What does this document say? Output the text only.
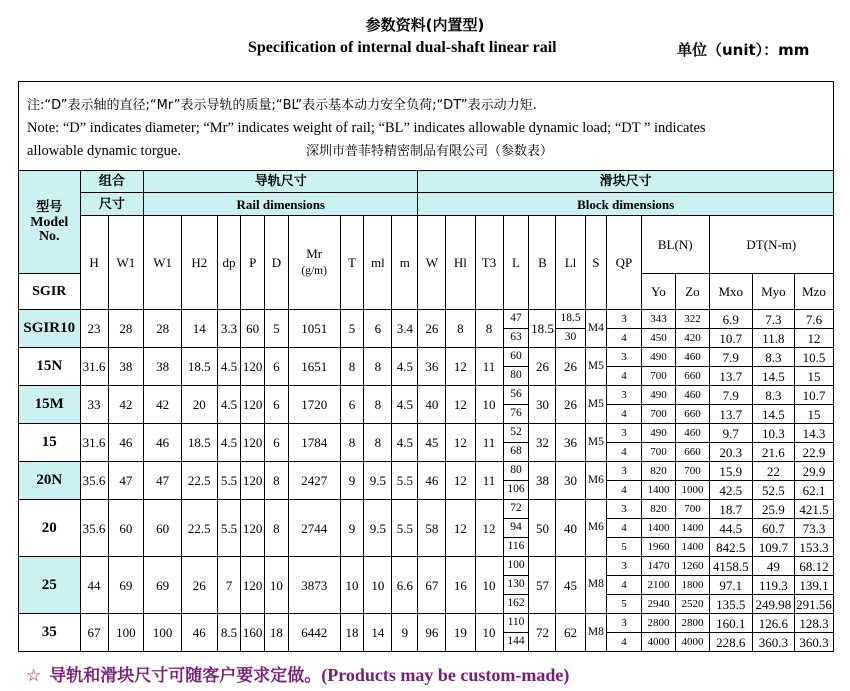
参数资料(内置型)
Specification of internal dual-shaft linear rail	单位（unit）：mm
注:“D”表示轴的直径;“Mr”表示导轨的质量;“BL”表示基本动力安全负荷;“DT”表示动力矩.
Note: “D” indicates diameter; “Mr” indicates weight of rail; “BL” indicates allowable dynamic load; “DT ” indicates
allowable dynamic torgue.	深圳市普菲特精密制品有限公司（参数表）
型号
Model
No.	组合		导轨尺寸									滑块尺寸												
	尺寸		Rail dimensions									Block dimensions												
	H	W1	W1	H2	dp	P	D	Mr
(g/m)	T	ml	m	W	Hl	T3	L	B	Ll	S	QP	BL(N)		DT(N-m)		
SGIR																				Yo	Zo	Mxo	Myo	Mzo
SGIR10	23	28	28	14	3.3	60	5	1051	5	6	3.4	26	8	8	47	18.5	18.5	M4	3	343	322	6.9	7.3	7.6
															63		30		4	450	420	10.7	11.8	12
15N	31.6	38	38	18.5	4.5	120	6	1651	8	8	4.5	36	12	11	60	26	26	M5	3	490	460	7.9	8.3	10.5
															80				4	700	660	13.7	14.5	15
15M	33	42	42	20	4.5	120	6	1720	6	8	4.5	40	12	10	56	30	26	M5	3	490	460	7.9	8.3	10.7
															76				4	700	660	13.7	14.5	15
15	31.6	46	46	18.5	4.5	120	6	1784	8	8	4.5	45	12	11	52	32	36	M5	3	490	460	9.7	10.3	14.3
															68				4	700	660	20.3	21.6	22.9
20N	35.6	47	47	22.5	5.5	120	8	2427	9	9.5	5.5	46	12	11	80	38	30	M6	3	820	700	15.9	22	29.9
															106				4	1400	1000	42.5	52.5	62.1
20	35.6	60	60	22.5	5.5	120	8	2744	9	9.5	5.5	58	12	12	72	50	40	M6	3	820	700	18.7	25.9	421.5
															94				4	1400	1400	44.5	60.7	73.3
															116				5	1960	1400	842.5	109.7	153.3
25	44	69	69	26	7	120	10	3873	10	10	6.6	67	16	10	100	57	45	M8	3	1470	1260	4158.5	49	68.12
															130				4	2100	1800	97.1	119.3	139.1
															162				5	2940	2520	135.5	249.98	291.56
35	67	100	100	46	8.5	160	18	6442	18	14	9	96	19	10	110	72	62	M8	3	2800	2800	160.1	126.6	128.3
															144				4	4000	4000	228.6	360.3	360.3
☆ 导轨和滑块尺寸可随客户要求定做。(Products may be custom-made)
